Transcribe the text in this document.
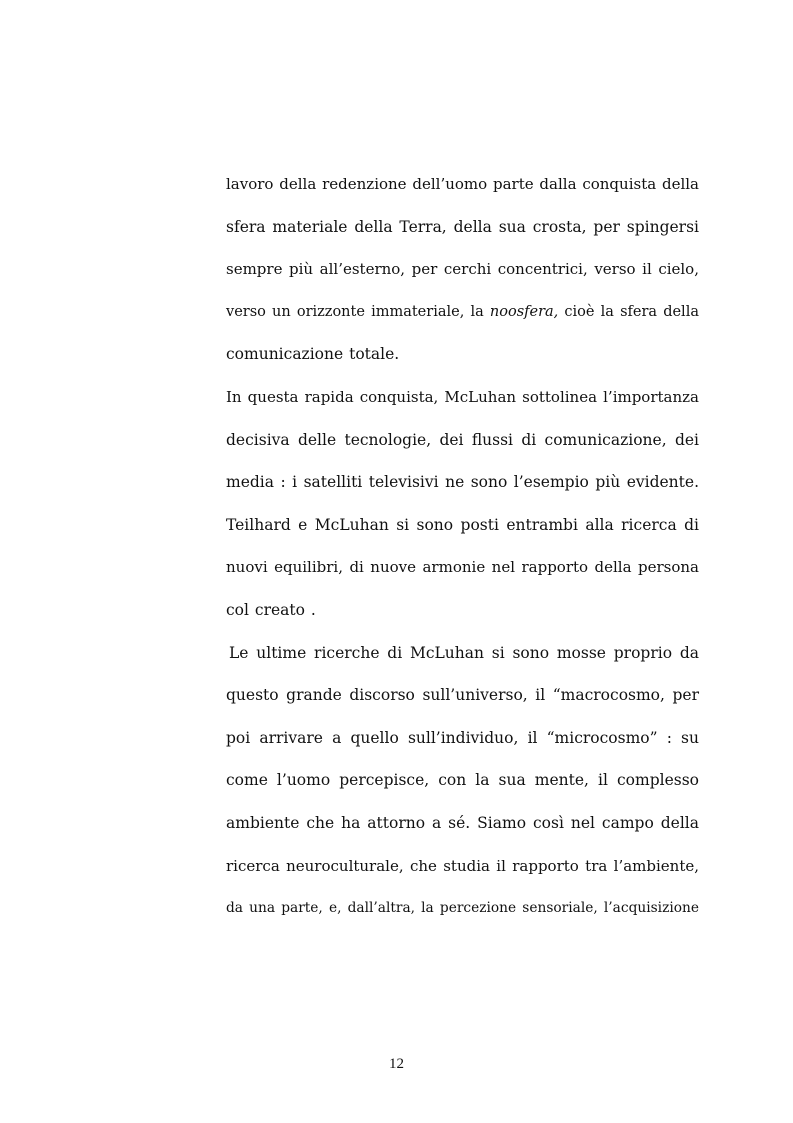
lavoro della redenzione dell’uomo parte dalla conquista della
sfera materiale della Terra, della sua crosta, per spingersi
sempre più all’esterno, per cerchi concentrici, verso il cielo,
verso un orizzonte immateriale, la noosfera, cioè la sfera della
comunicazione totale.
In questa rapida conquista, McLuhan sottolinea l’importanza
decisiva delle tecnologie, dei flussi di comunicazione, dei
media : i satelliti televisivi ne sono l’esempio più evidente.
Teilhard e McLuhan si sono posti entrambi alla ricerca di
nuovi equilibri, di nuove armonie nel rapporto della persona
col creato .
Le ultime ricerche di McLuhan si sono mosse proprio da
questo grande discorso sull’universo, il “macrocosmo, per
poi arrivare a quello sull’individuo, il “microcosmo” : su
come l’uomo percepisce, con la sua mente, il complesso
ambiente che ha attorno a sé. Siamo così nel campo della
ricerca neuroculturale, che studia il rapporto tra l’ambiente,
da una parte, e, dall’altra, la percezione sensoriale, l’acquisizione
12
